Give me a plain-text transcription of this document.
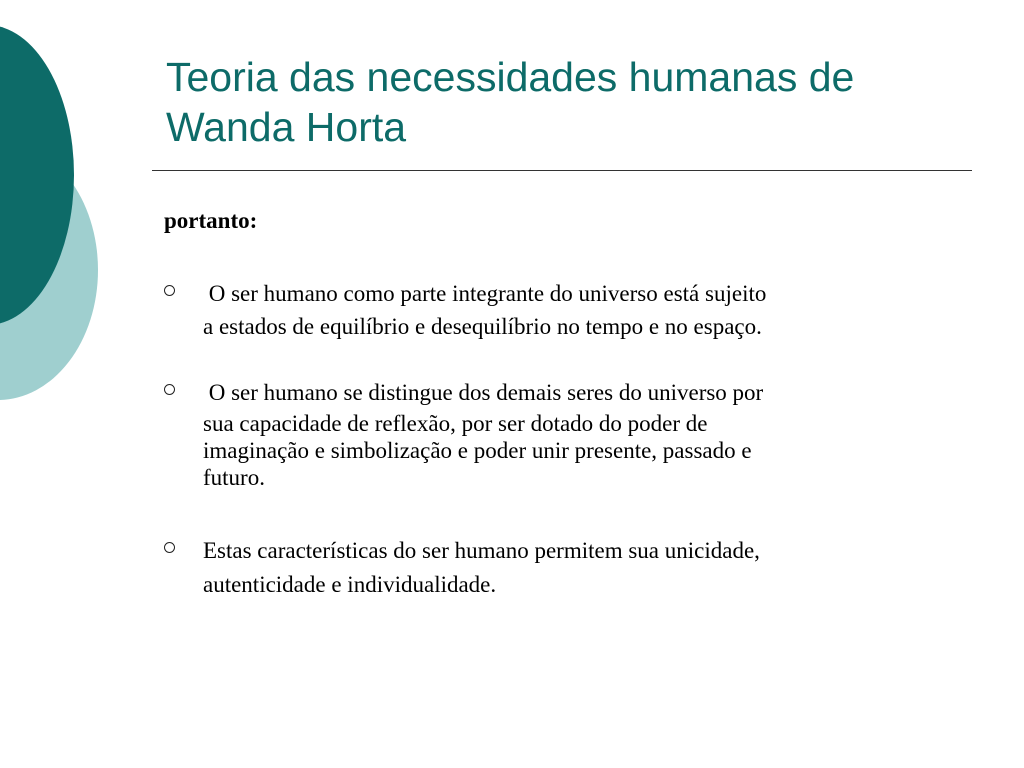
Teoria das necessidades humanas de
Wanda Horta

portanto:

O ser humano como parte integrante do universo está sujeito
a estados de equilíbrio e desequilíbrio no tempo e no espaço.
O ser humano se distingue dos demais seres do universo por
sua capacidade de reflexão, por ser dotado do poder de
imaginação e simbolização e poder unir presente, passado e
futuro.
Estas características do ser humano permitem sua unicidade,
autenticidade e individualidade.
